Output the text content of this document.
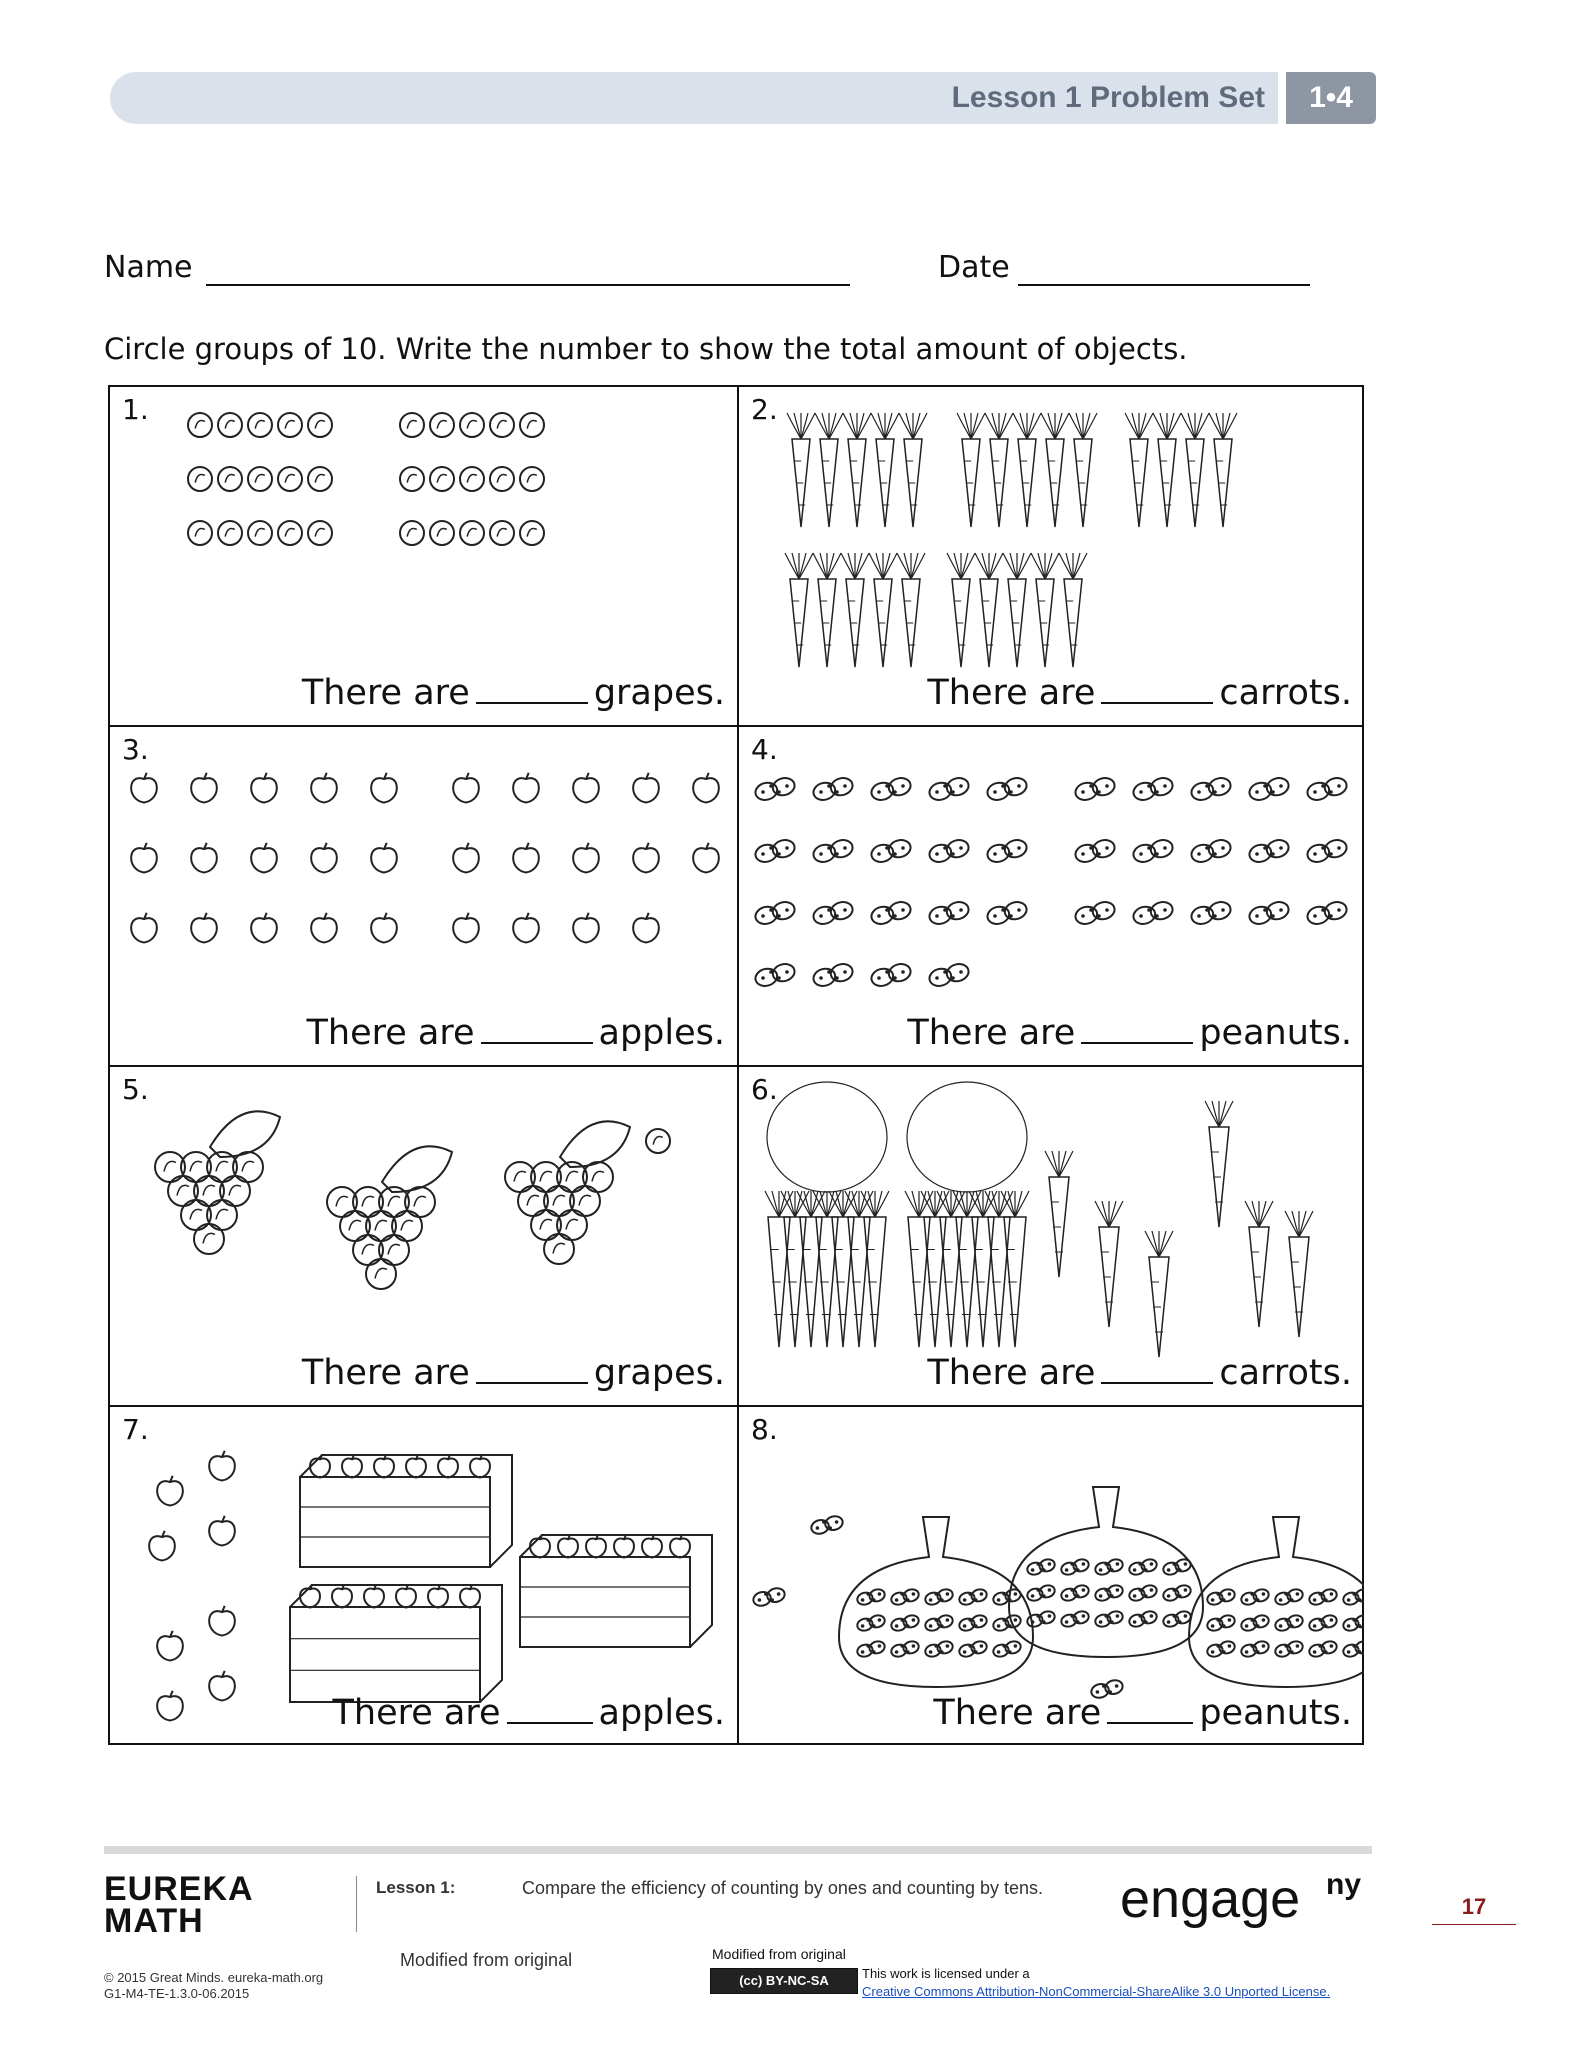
Lesson 1 Problem Set	1•4
Name	Date
Circle groups of 10. Write the number to show the total amount of objects.
1.
There are	grapes.
2.
There are	carrots.
3.
There are	apples.
4.
There are	peanuts.
5.
There are	grapes.
6.
There are	carrots.
7.
There are	apples.
8.
There are	peanuts.
EUREKA
MATH
Lesson 1:	Compare the efficiency of counting by ones and counting by tens. engage ny
17
Modified from original	Modified from original
© 2015 Great Minds. eureka-math.org
G1-M4-TE-1.3.0-06.2015
(cc) BY-NC-SA	This work is licensed under a
Creative Commons Attribution-NonCommercial-ShareAlike 3.0 Unported License.
